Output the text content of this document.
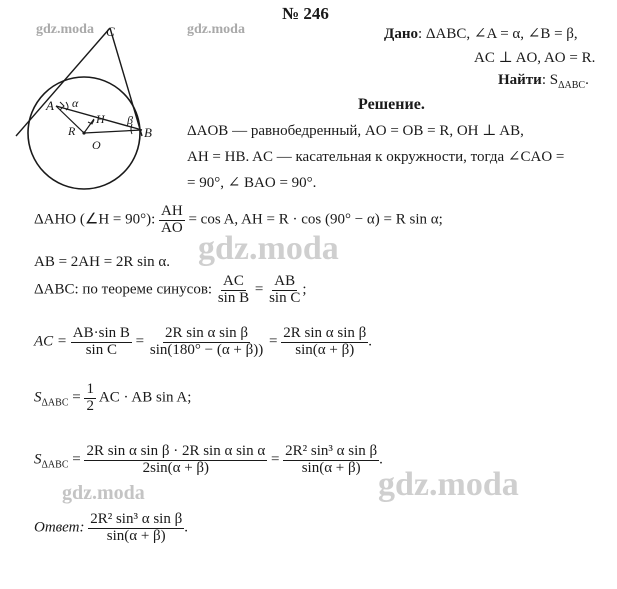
gdz.moda	gdz.moda
gdz.moda
gdz.moda	gdz.moda
№ 246
C
A
B
H
O
R
α
β
Дано: ΔABC, ∠A = α, ∠B = β,
AC ⊥ AO, AO = R.
Найти: $S_{\Delta ABC}$.
Решение.
ΔAOB — равнобедренный, AO = OB = R, OH ⊥ AB,
AH = HB. AC — касательная к окружности, тогда ∠CAO =
= 90°, ∠ BAO = 90°.
ΔAHO (∠H = 90°): $\frac{AH}{AO} = \cos A$, AH = R · cos (90° − α) = R sin α;
AB = 2AH = 2R sin α.
ΔABC: по теореме синусов: $\frac{AC}{\text{sin B}} = \frac{AB}{\text{sin C}}$ ;
AC = $\frac{\text{AB·sin B}}{\text{sin C}} = \frac{\text{2R sin α sin β}}{\sin(180^\circ - (\alpha + \beta))} = \frac{\text{2R sin α sin β}}{\sin(\alpha + \beta)}$ .
$S_{\Delta ABC} = \frac{1}{2}$ AC · AB sin A;
$S_{\Delta ABC} = \frac{\text{2R sin α sin β · 2R sin α sin α}}{2\sin(\alpha + \beta)} = \frac{\text{2R² sin³ α sin β}}{\sin(\alpha + \beta)}$ .
Ответ: $\frac{\text{2R² sin³ α sin β}}{\sin(\alpha + \beta)}$ .
